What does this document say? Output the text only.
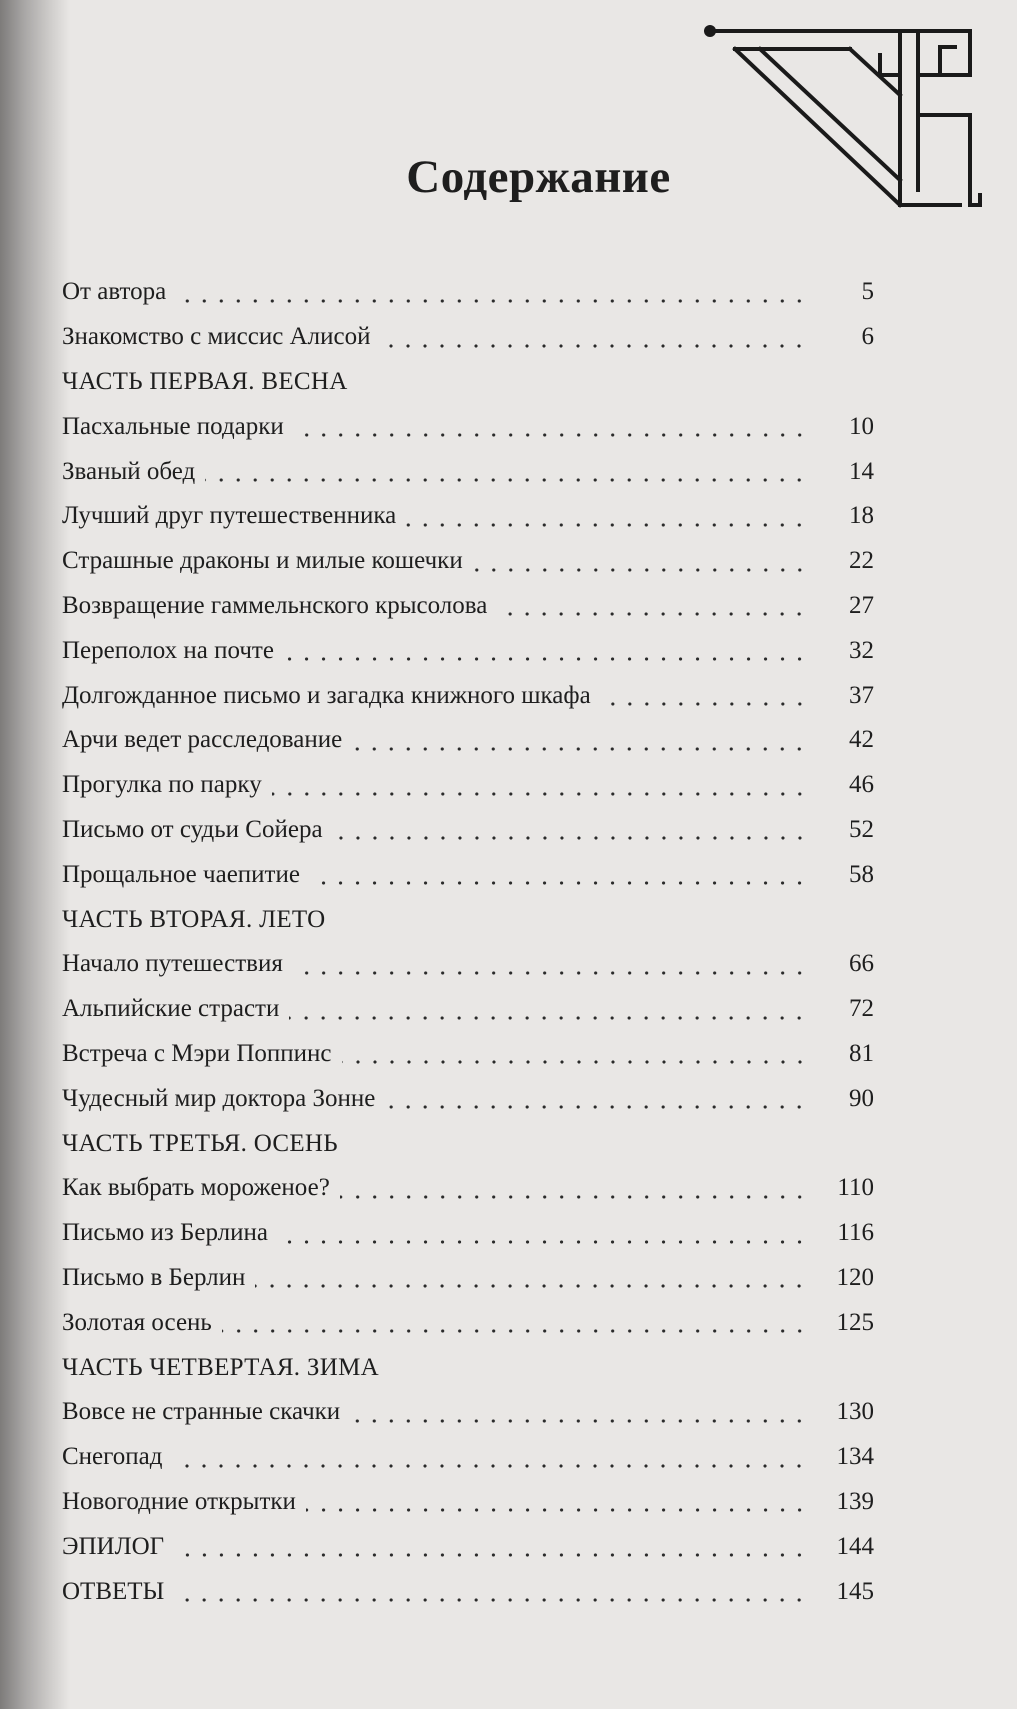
Содержание
От автора	5
Знакомство с миссис Алисой	6
ЧАСТЬ ПЕРВАЯ. ВЕСНА
Пасхальные подарки	10
Званый обед	14
Лучший друг путешественника	18
Страшные драконы и милые кошечки	22
Возвращение гаммельнского крысолова	27
Переполох на почте	32
Долгожданное письмо и загадка книжного шкафа	37
Арчи ведет расследование	42
Прогулка по парку	46
Письмо от судьи Сойера	52
Прощальное чаепитие	58
ЧАСТЬ ВТОРАЯ. ЛЕТО
Начало путешествия	66
Альпийские страсти	72
Встреча с Мэри Поппинс	81
Чудесный мир доктора Зонне	90
ЧАСТЬ ТРЕТЬЯ. ОСЕНЬ
Как выбрать мороженое?	110
Письмо из Берлина	116
Письмо в Берлин	120
Золотая осень	125
ЧАСТЬ ЧЕТВЕРТАЯ. ЗИМА
Вовсе не странные скачки	130
Снегопад	134
Новогодние открытки	139
ЭПИЛОГ	144
ОТВЕТЫ	145
